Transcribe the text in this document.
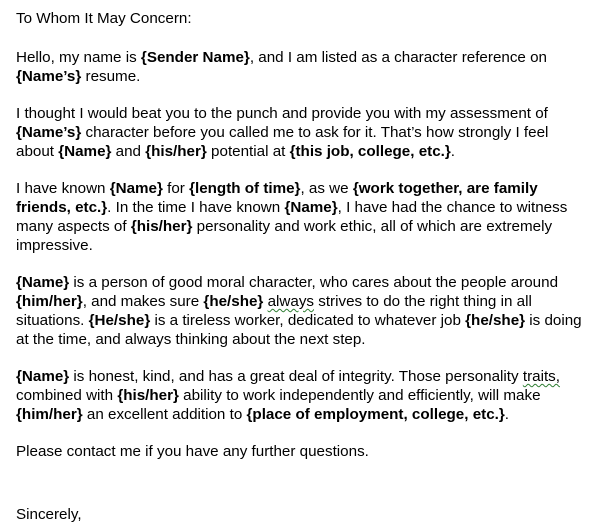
To Whom It May Concern:

Hello, my name is {Sender Name}, and I am listed as a character reference on {Name’s} resume.

I thought I would beat you to the punch and provide you with my assessment of {Name’s} character before you called me to ask for it. That’s how strongly I feel about {Name} and {his/her} potential at {this job, college, etc.}.

I have known {Name} for {length of time}, as we {work together, are family friends, etc.}. In the time I have known {Name}, I have had the chance to witness many aspects of {his/her} personality and work ethic, all of which are extremely impressive.

{Name} is a person of good moral character, who cares about the people around {him/her}, and makes sure {he/she} always strives to do the right thing in all situations. {He/she} is a tireless worker, dedicated to whatever job {he/she} is doing at the time, and always thinking about the next step.

{Name} is honest, kind, and has a great deal of integrity. Those personality traits, combined with {his/her} ability to work independently and efficiently, will make {him/her} an excellent addition to {place of employment, college, etc.}.

Please contact me if you have any further questions.

Sincerely,
